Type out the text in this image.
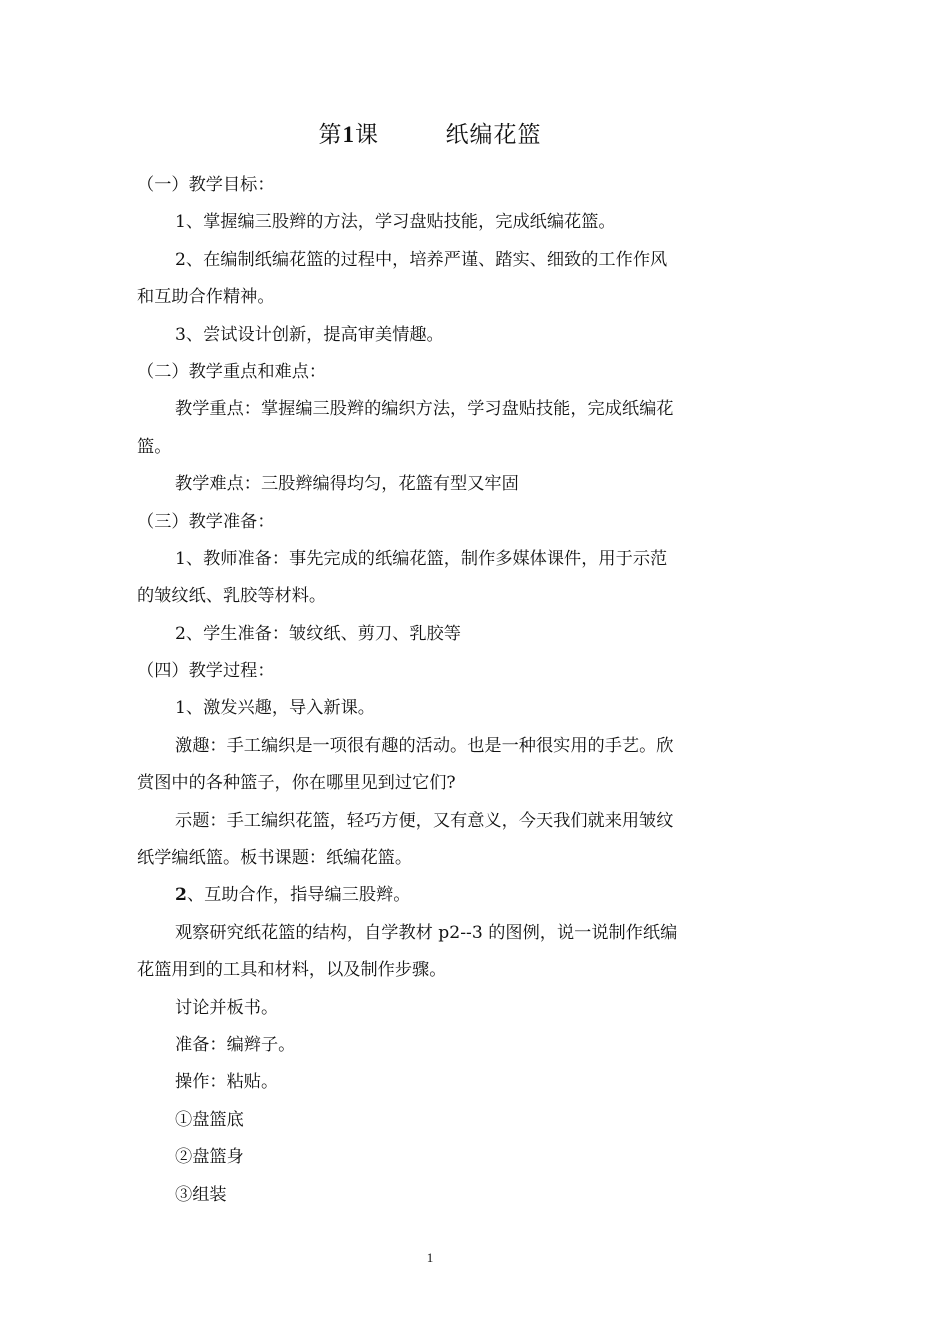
第1课        纸编花篮
（一）教学目标：
1、掌握编三股辫的方法，学习盘贴技能，完成纸编花篮。
2、在编制纸编花篮的过程中，培养严谨、踏实、细致的工作作风
和互助合作精神。
3、尝试设计创新，提高审美情趣。
（二）教学重点和难点：
教学重点：掌握编三股辫的编织方法，学习盘贴技能，完成纸编花
篮。
教学难点：三股辫编得均匀，花篮有型又牢固
（三）教学准备：
1、教师准备：事先完成的纸编花篮，制作多媒体课件，用于示范
的皱纹纸、乳胶等材料。
2、学生准备：皱纹纸、剪刀、乳胶等
（四）教学过程：
1、激发兴趣，导入新课。
激趣：手工编织是一项很有趣的活动。也是一种很实用的手艺。欣
赏图中的各种篮子，你在哪里见到过它们?
示题：手工编织花篮，轻巧方便，又有意义，今天我们就来用皱纹
纸学编纸篮。板书课题：纸编花篮。
2、互助合作，指导编三股辫。
观察研究纸花篮的结构，自学教材 p2--3 的图例，说一说制作纸编
花篮用到的工具和材料，以及制作步骤。
讨论并板书。
准备：编辫子。
操作：粘贴。
①盘篮底
②盘篮身
③组装
1
